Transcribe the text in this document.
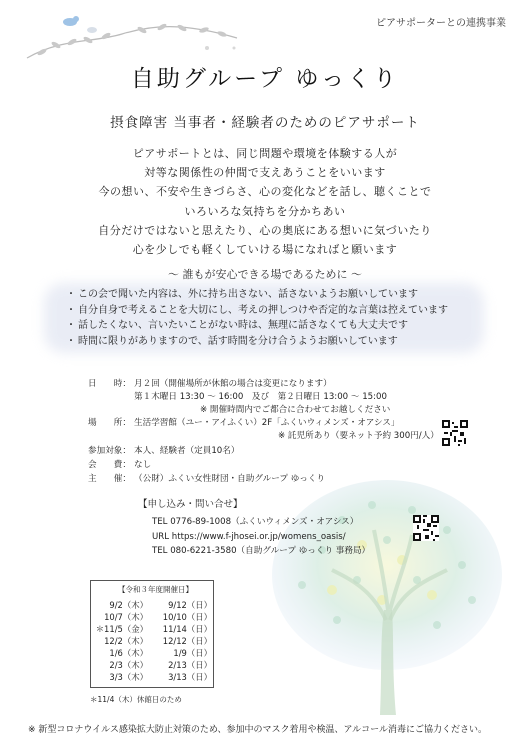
ピアサポーターとの連携事業
自助グループ ゆっくり
摂食障害 当事者・経験者のためのピアサポート
ピアサポートとは、同じ問題や環境を体験する人が
対等な関係性の仲間で支えあうことをいいます
今の想い、不安や生きづらさ、心の変化などを話し、聴くことで
いろいろな気持ちを分かちあい
自分だけではないと思えたり、心の奥底にある想いに気づいたり
心を少しでも軽くしていける場になればと願います
～ 誰もが安心できる場であるために ～
・ この会で聞いた内容は、外に持ち出さない、話さないようお願いしています
・ 自分自身で考えることを大切にし、考えの押しつけや否定的な言葉は控えています
・ 話したくない、言いたいことがない時は、無理に話さなくても大丈夫です
・ 時間に限りがありますので、話す時間を分け合うようお願いしています
日　　時： 月２回（開催場所が休館の場合は変更になります）
第１木曜日 13:30 ～ 16:00　及び　第２日曜日 13:00 ～ 15:00
※ 開催時間内でご都合に合わせてお越しください
場　　所： 生活学習館（ユー・アイふくい）2F「ふくいウィメンズ・オアシス」
※ 託児所あり（要ネット予約 300円/人）
参加対象： 本人、経験者（定員10名）
会　　費： なし
主　　催： （公財）ふくい女性財団・自助グループ ゆっくり
【申し込み・問い合せ】
TEL 0776-89-1008（ふくいウィメンズ・オアシス）
URL https://www.f-jhosei.or.jp/womens_oasis/
TEL 080-6221-3580（自助グループ ゆっくり 事務局）
【令和３年度開催日】
9/2（木） 9/12（日）
10/7（木） 10/10（日）
＊11/5（金） 11/14（日）
12/2（木） 12/12（日）
1/6（木）	1/9（日）
2/3（木） 2/13（日）
3/3（木） 3/13（日）
＊11/4（木）休館日のため
※ 新型コロナウイルス感染拡大防止対策のため、参加中のマスク着用や検温、アルコール消毒にご協力ください。
